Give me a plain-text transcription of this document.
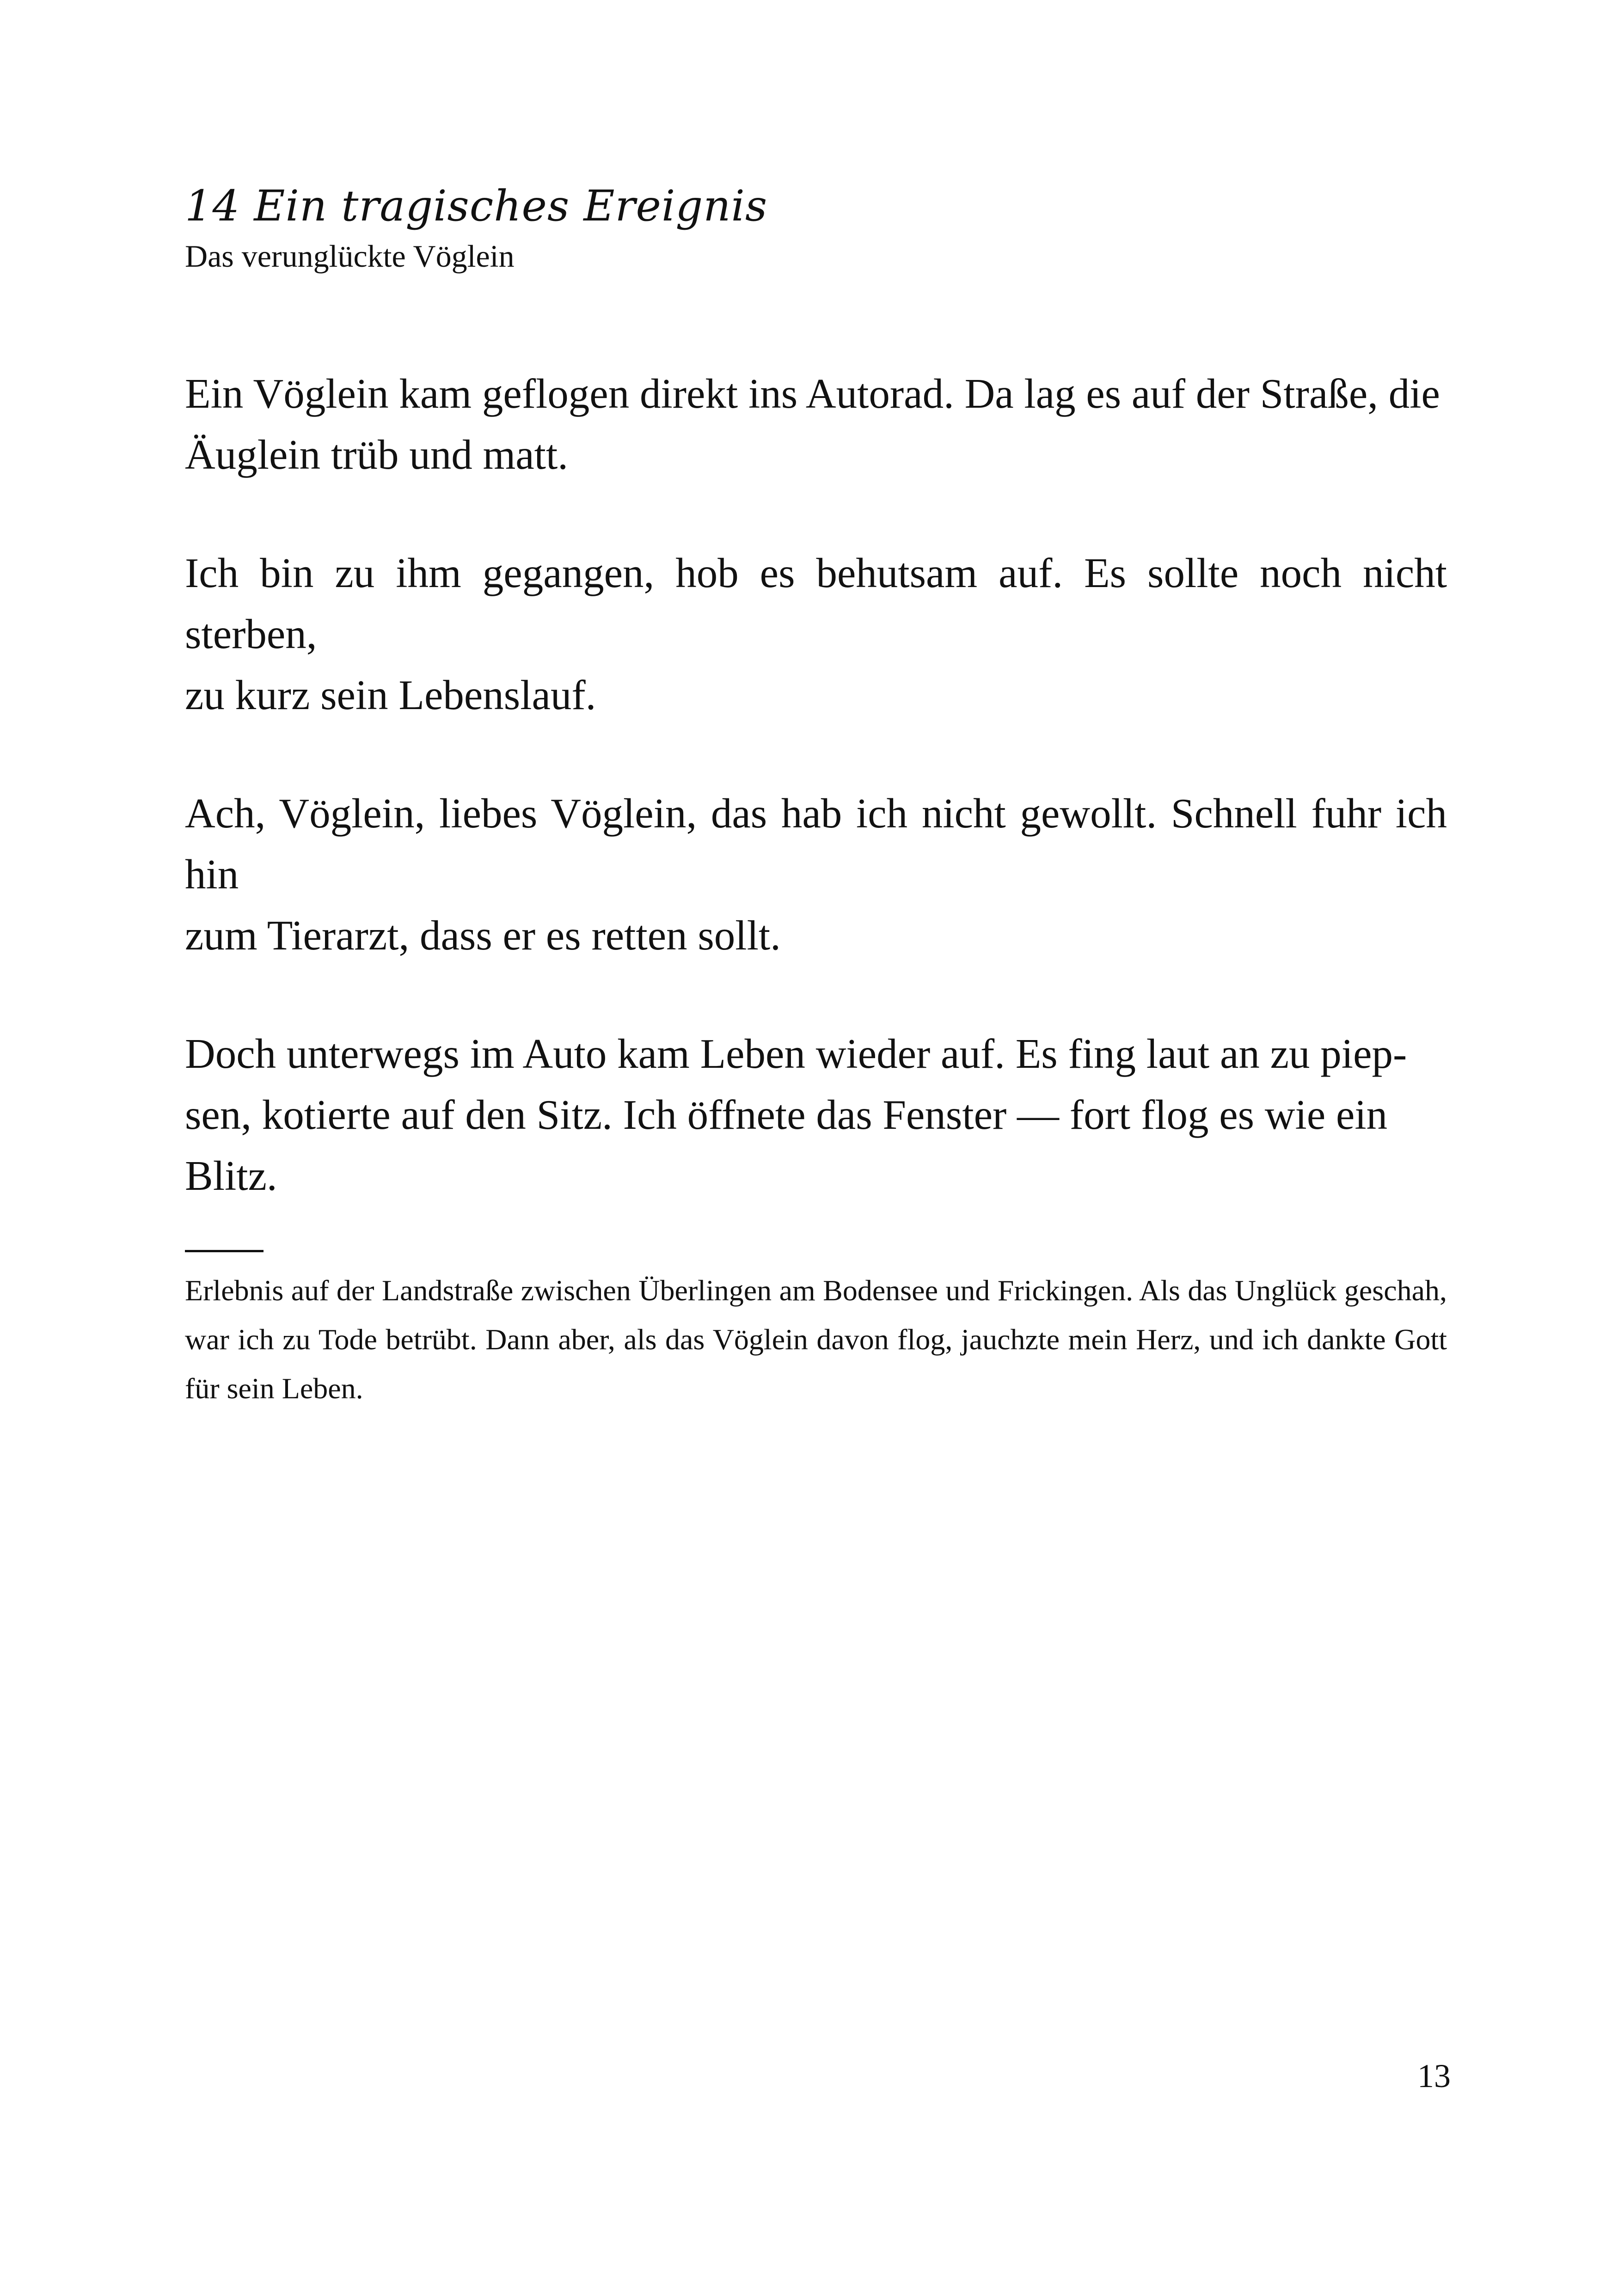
14 Ein tragisches Ereignis
Das verunglückte Vöglein

Ein Vöglein kam geflogen direkt ins Autorad. Da lag es auf der Straße, die
Äuglein trüb und matt.

Ich bin zu ihm gegangen, hob es behutsam auf. Es sollte noch nicht sterben,
zu kurz sein Lebenslauf.

Ach, Vöglein, liebes Vöglein, das hab ich nicht gewollt. Schnell fuhr ich hin
zum Tierarzt, dass er es retten sollt.

Doch unterwegs im Auto kam Leben wieder auf. Es fing laut an zu piep-
sen, kotierte auf den Sitz. Ich öffnete das Fenster — fort flog es wie ein Blitz.

Erlebnis auf der Landstraße zwischen Überlingen am Bodensee und Frickingen. Als das Unglück geschah, war ich zu Tode betrübt. Dann aber, als das Vöglein davon flog, jauchzte mein Herz, und ich dankte Gott für sein Leben.
13
